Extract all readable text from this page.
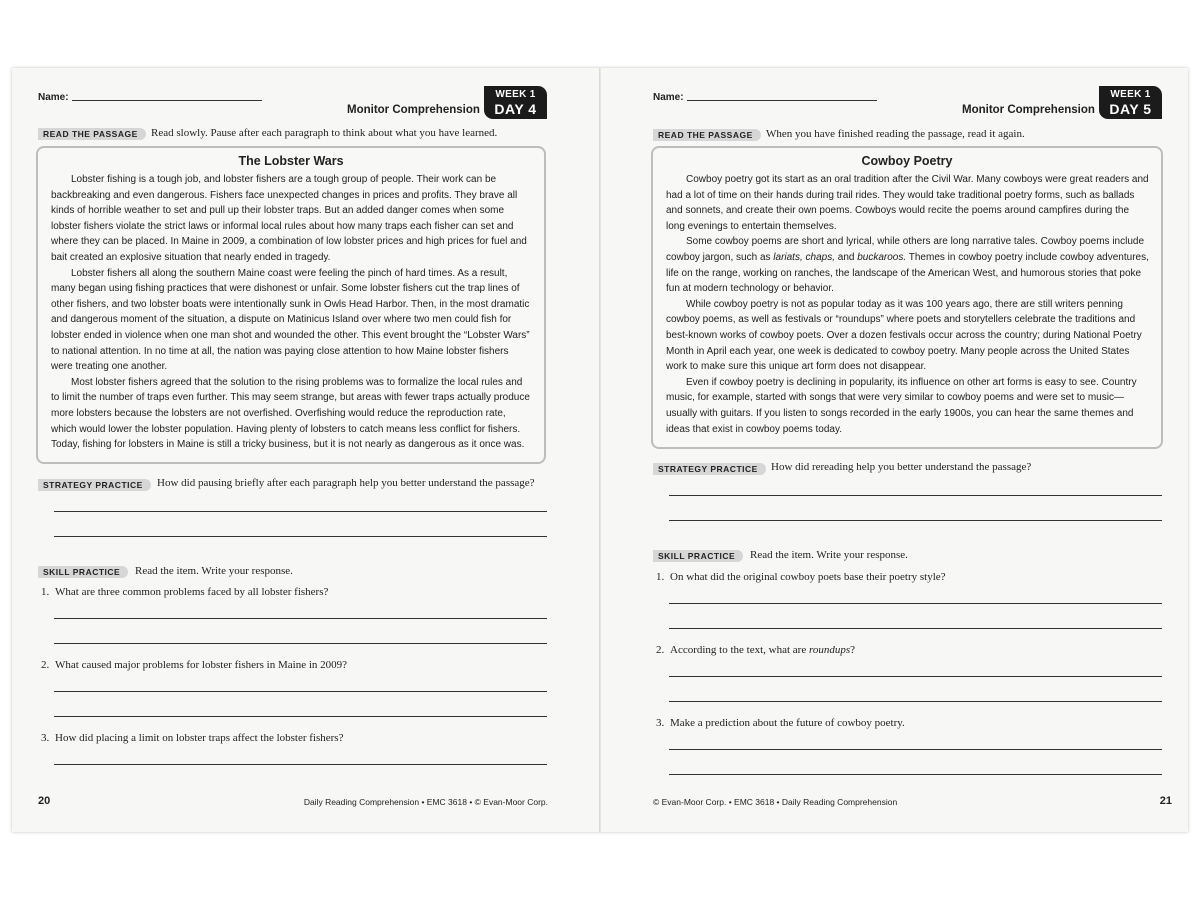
Name:
Monitor Comprehension
WEEK 1
DAY 4
READ THE PASSAGE	Read slowly. Pause after each paragraph to think about what you have learned.
The Lobster Wars

Lobster fishing is a tough job, and lobster fishers are a tough group of people. Their work can be backbreaking and even dangerous. Fishers face unexpected changes in prices and profits. They brave all kinds of horrible weather to set and pull up their lobster traps. But an added danger comes when some lobster fishers violate the strict laws or informal local rules about how many traps each fisher can set and where they can be placed. In Maine in 2009, a combination of low lobster prices and high prices for fuel and bait created an explosive situation that nearly ended in tragedy.

Lobster fishers all along the southern Maine coast were feeling the pinch of hard times. As a result, many began using fishing practices that were dishonest or unfair. Some lobster fishers cut the trap lines of other fishers, and two lobster boats were intentionally sunk in Owls Head Harbor. Then, in the most dramatic and dangerous moment of the situation, a dispute on Matinicus Island over where two men could fish for lobster ended in violence when one man shot and wounded the other. This event brought the “Lobster Wars” to national attention. In no time at all, the nation was paying close attention to how Maine lobster fishers were treating one another.

Most lobster fishers agreed that the solution to the rising problems was to formalize the local rules and to limit the number of traps even further. This may seem strange, but areas with fewer traps actually produce more lobsters because the lobsters are not overfished. Overfishing would reduce the reproduction rate, which would lower the lobster population. Having plenty of lobsters to catch means less conflict for fishers. Today, fishing for lobsters in Maine is still a tricky business, but it is not nearly as dangerous as it once was.

STRATEGY PRACTICE	How did pausing briefly after each paragraph help you better understand the passage?
SKILL PRACTICE	Read the item. Write your response.
1. What are three common problems faced by all lobster fishers?
2. What caused major problems for lobster fishers in Maine in 2009?
3. How did placing a limit on lobster traps affect the lobster fishers?
20	Daily Reading Comprehension • EMC 3618 • © Evan-Moor Corp.
Name:
Monitor Comprehension
WEEK 1
DAY 5
READ THE PASSAGE	When you have finished reading the passage, read it again.
Cowboy Poetry

Cowboy poetry got its start as an oral tradition after the Civil War. Many cowboys were great readers and had a lot of time on their hands during trail rides. They would take traditional poetry forms, such as ballads and sonnets, and create their own poems. Cowboys would recite the poems around campfires during the long evenings to entertain themselves.

Some cowboy poems are short and lyrical, while others are long narrative tales. Cowboy poems include cowboy jargon, such as lariats, chaps, and buckaroos. Themes in cowboy poetry include cowboy adventures, life on the range, working on ranches, the landscape of the American West, and humorous stories that poke fun at modern technology or behavior.

While cowboy poetry is not as popular today as it was 100 years ago, there are still writers penning cowboy poems, as well as festivals or “roundups” where poets and storytellers celebrate the traditions and best-known works of cowboy poets. Over a dozen festivals occur across the country; during National Poetry Month in April each year, one week is dedicated to cowboy poetry. Many people across the United States work to make sure this unique art form does not disappear.

Even if cowboy poetry is declining in popularity, its influence on other art forms is easy to see. Country music, for example, started with songs that were very similar to cowboy poems and were set to music—usually with guitars. If you listen to songs recorded in the early 1900s, you can hear the same themes and ideas that exist in cowboy poems today.

STRATEGY PRACTICE	How did rereading help you better understand the passage?
SKILL PRACTICE	Read the item. Write your response.
1. On what did the original cowboy poets base their poetry style?
2. According to the text, what are roundups?
3. Make a prediction about the future of cowboy poetry.
© Evan-Moor Corp. • EMC 3618 • Daily Reading Comprehension	21
